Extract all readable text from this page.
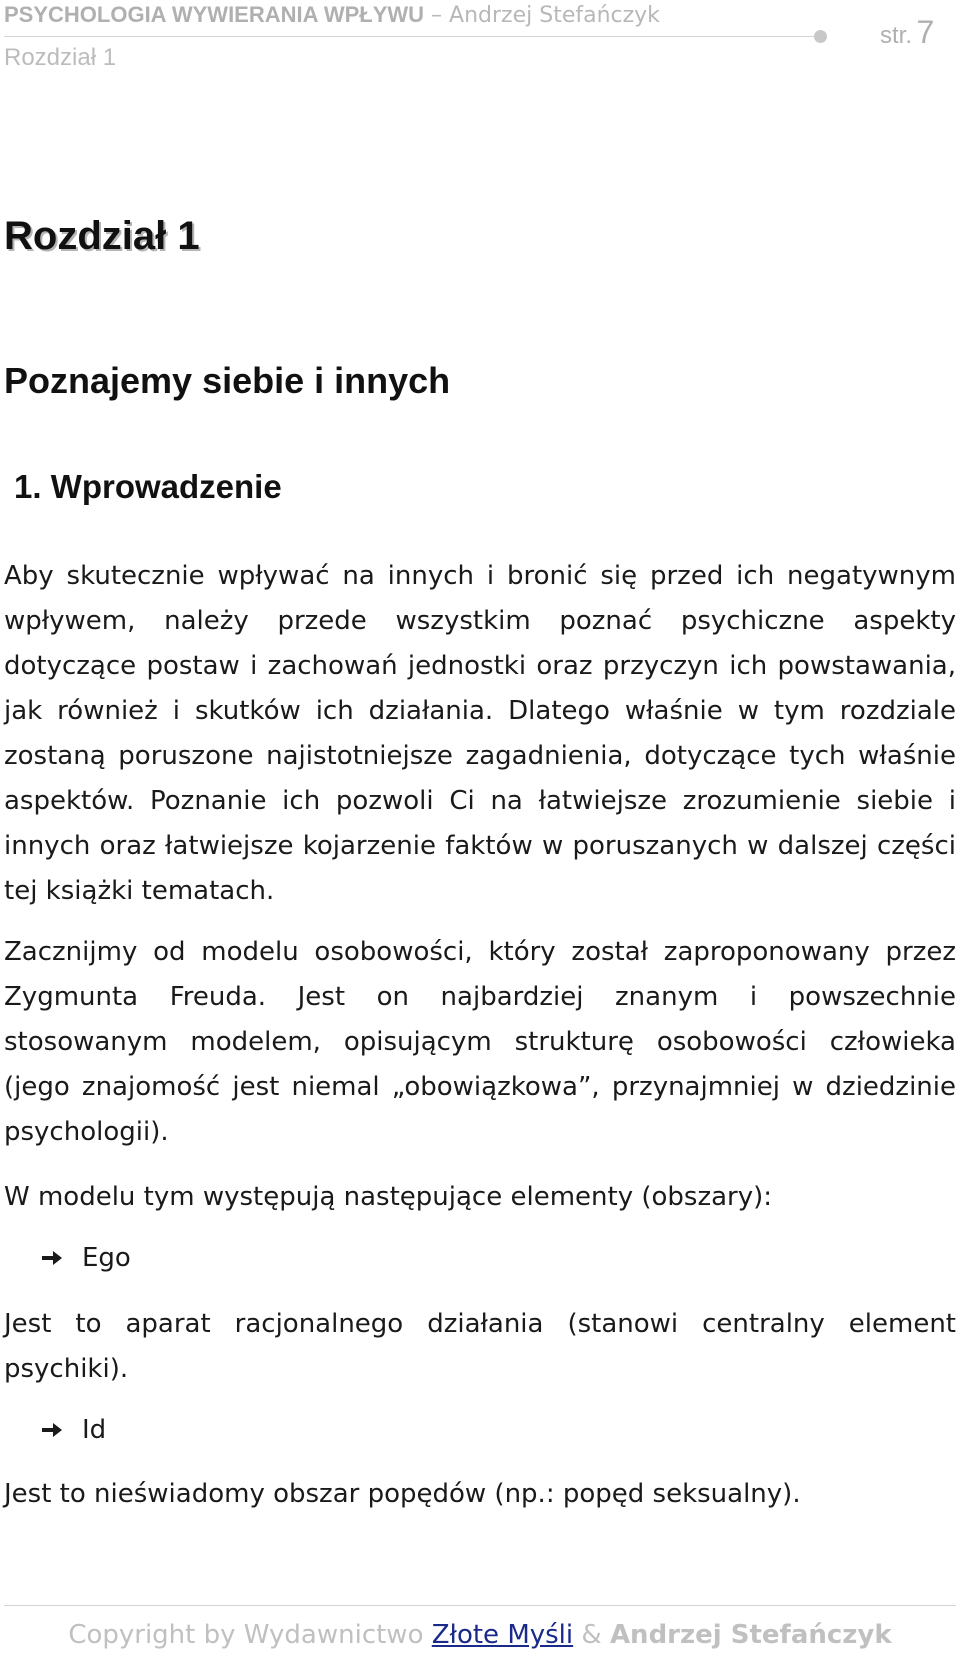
PSYCHOLOGIA WYWIERANIA WPŁYWU – Andrzej Stefańczyk
str. 7
Rozdział 1
Rozdział 1
Poznajemy siebie i innych
1. Wprowadzenie

Aby skutecznie wpływać na innych i bronić się przed ich negatywnym wpływem, należy przede wszystkim poznać psychiczne aspekty dotyczące postaw i zachowań jednostki oraz przyczyn ich powstawania, jak również i skutków ich działania. Dlatego właśnie w tym rozdziale zostaną poruszone najistotniejsze zagadnienia, dotyczące tych właśnie aspektów. Poznanie ich pozwoli Ci na łatwiejsze zrozumienie siebie i innych oraz łatwiejsze kojarzenie faktów w poruszanych w dalszej części tej książki tematach.

Zacznijmy od modelu osobowości, który został zaproponowany przez Zygmunta Freuda. Jest on najbardziej znanym i powszechnie stosowanym modelem, opisującym strukturę osobowości człowieka (jego znajomość jest niemal „obowiązkowa”, przynajmniej w dziedzinie psychologii).

W modelu tym występują następujące elementy (obszary):

Ego

Jest to aparat racjonalnego działania (stanowi centralny element psychiki).

Id

Jest to nieświadomy obszar popędów (np.: popęd seksualny).

Copyright by Wydawnictwo Złote Myśli & Andrzej Stefańczyk
